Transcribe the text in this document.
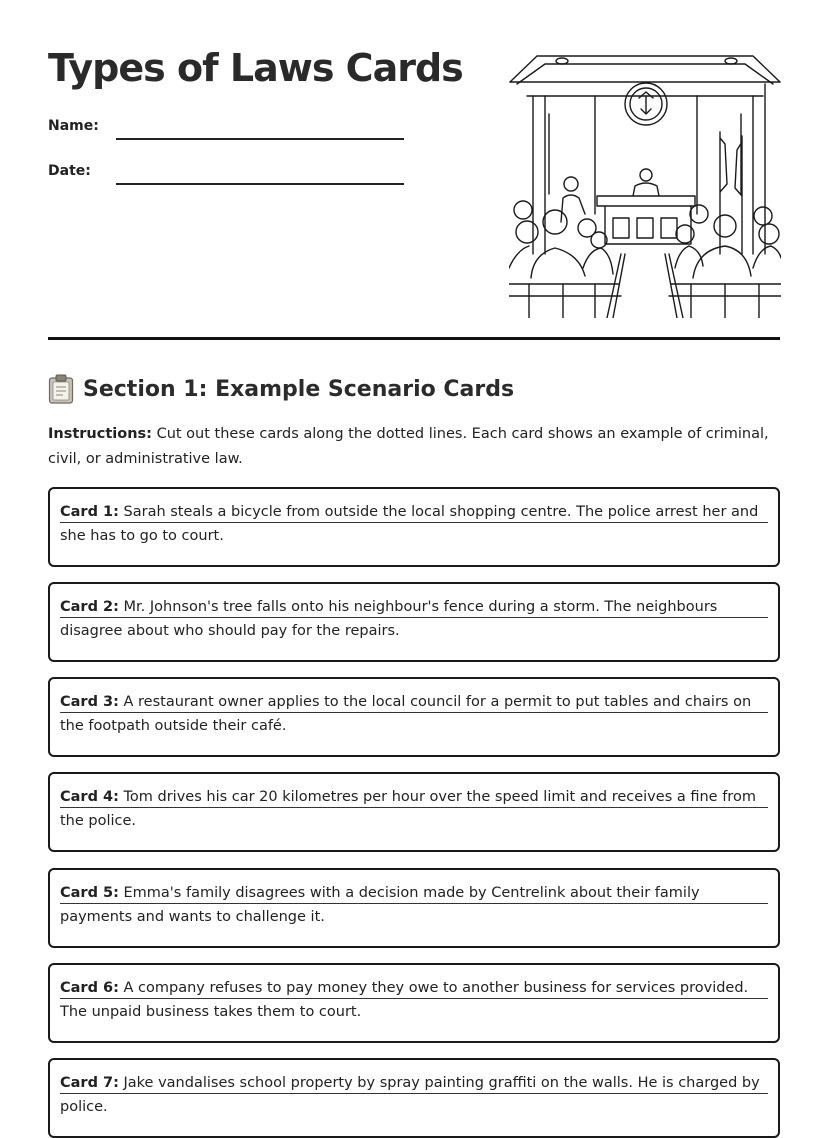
Types of Laws Cards
Name:
Date:
Section 1: Example Scenario Cards

Instructions: Cut out these cards along the dotted lines. Each card shows an example of criminal, civil, or administrative law.

Card 1: Sarah steals a bicycle from outside the local shopping centre. The police arrest her and she has to go to court.

Card 2: Mr. Johnson's tree falls onto his neighbour's fence during a storm. The neighbours disagree about who should pay for the repairs.

Card 3: A restaurant owner applies to the local council for a permit to put tables and chairs on the footpath outside their café.

Card 4: Tom drives his car 20 kilometres per hour over the speed limit and receives a fine from the police.

Card 5: Emma's family disagrees with a decision made by Centrelink about their family payments and wants to challenge it.

Card 6: A company refuses to pay money they owe to another business for services provided. The unpaid business takes them to court.

Card 7: Jake vandalises school property by spray painting graffiti on the walls. He is charged by police.
